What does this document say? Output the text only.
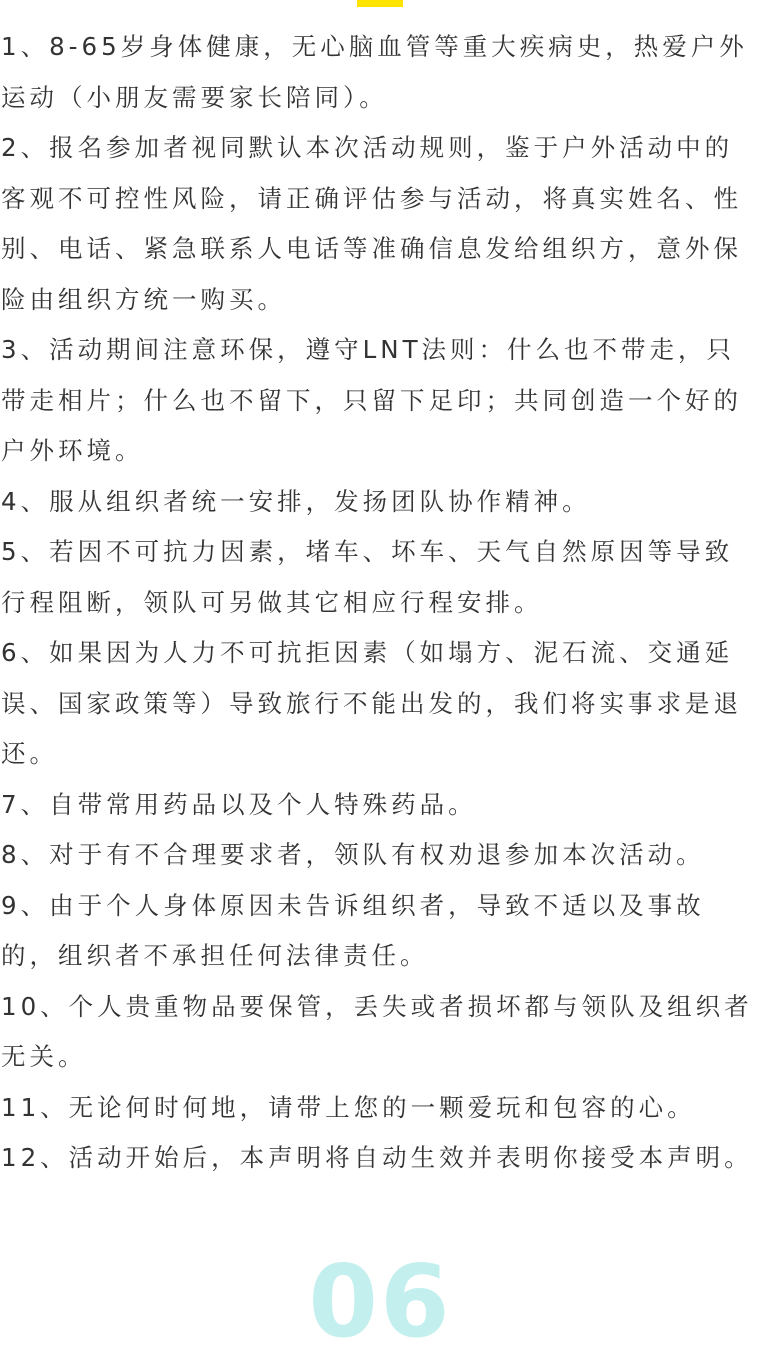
1、8-65岁身体健康，无心脑血管等重大疾病史，热爱户外运动（小朋友需要家长陪同）。
2、报名参加者视同默认本次活动规则，鉴于户外活动中的客观不可控性风险，请正确评估参与活动，将真实姓名、性别、电话、紧急联系人电话等准确信息发给组织方，意外保险由组织方统一购买。
3、活动期间注意环保，遵守LNT法则：什么也不带走，只带走相片；什么也不留下，只留下足印；共同创造一个好的户外环境。
4、服从组织者统一安排，发扬团队协作精神。
5、若因不可抗力因素，堵车、坏车、天气自然原因等导致行程阻断，领队可另做其它相应行程安排。
6、如果因为人力不可抗拒因素（如塌方、泥石流、交通延误、国家政策等）导致旅行不能出发的，我们将实事求是退还。
7、自带常用药品以及个人特殊药品。
8、对于有不合理要求者，领队有权劝退参加本次活动。
9、由于个人身体原因未告诉组织者，导致不适以及事故的，组织者不承担任何法律责任。
10、个人贵重物品要保管，丢失或者损坏都与领队及组织者无关。
11、无论何时何地，请带上您的一颗爱玩和包容的心。
12、活动开始后，本声明将自动生效并表明你接受本声明。
06
